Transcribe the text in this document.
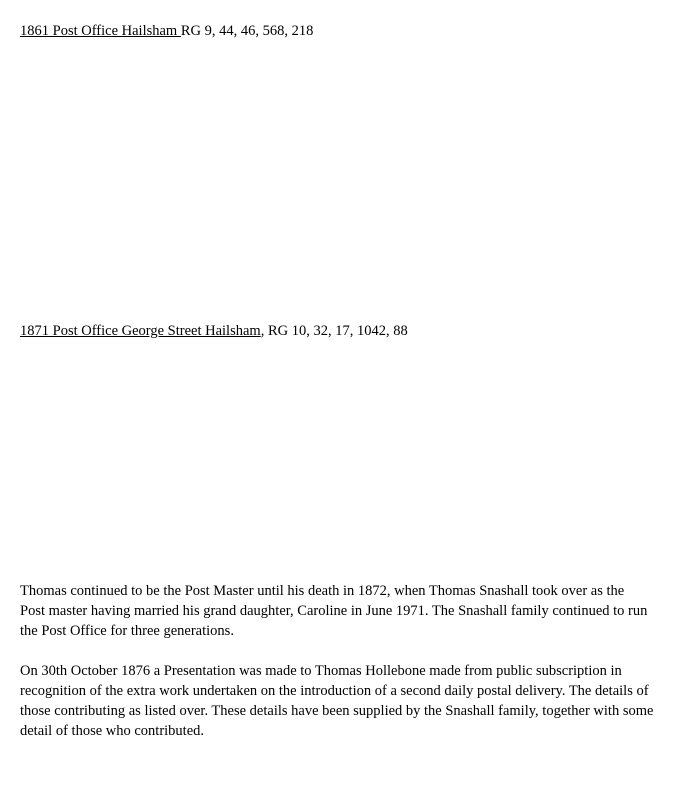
1861 Post Office Hailsham RG 9, 44, 46, 568, 218
1871 Post Office George Street Hailsham, RG 10, 32, 17, 1042, 88

Thomas continued to be the Post Master until his death in 1872, when Thomas Snashall took over as the
Post master having married his grand daughter, Caroline in June 1971. The Snashall family continued to run
the Post Office for three generations.

On 30th October 1876 a Presentation was made to Thomas Hollebone made from public subscription in
recognition of the extra work undertaken on the introduction of a second daily postal delivery. The details of
those contributing as listed over. These details have been supplied by the Snashall family, together with some
detail of those who contributed.
